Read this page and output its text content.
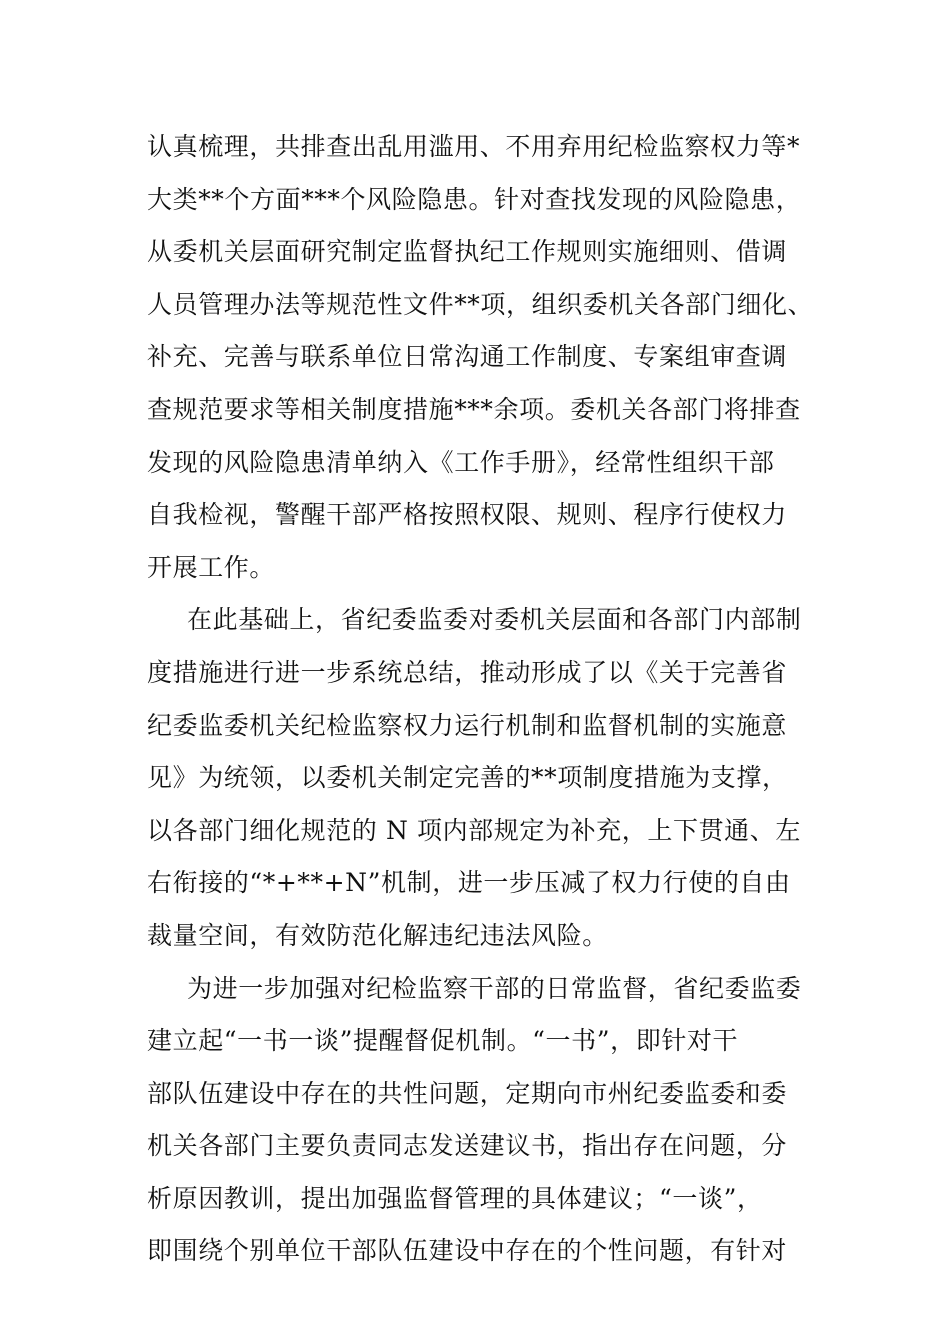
认真梳理，共排查出乱用滥用、不用弃用纪检监察权力等*
大类**个方面***个风险隐患。针对查找发现的风险隐患，
从委机关层面研究制定监督执纪工作规则实施细则、借调
人员管理办法等规范性文件**项，组织委机关各部门细化、
补充、完善与联系单位日常沟通工作制度、专案组审查调
查规范要求等相关制度措施***余项。委机关各部门将排查
发现的风险隐患清单纳入《工作手册》，经常性组织干部
自我检视，警醒干部严格按照权限、规则、程序行使权力
开展工作。
在此基础上，省纪委监委对委机关层面和各部门内部制
度措施进行进一步系统总结，推动形成了以《关于完善省
纪委监委机关纪检监察权力运行机制和监督机制的实施意
见》为统领，以委机关制定完善的**项制度措施为支撑，
以各部门细化规范的 N 项内部规定为补充，上下贯通、左
右衔接的“*+**+N”机制，进一步压减了权力行使的自由
裁量空间，有效防范化解违纪违法风险。
为进一步加强对纪检监察干部的日常监督，省纪委监委
建立起“一书一谈”提醒督促机制。“一书”，即针对干
部队伍建设中存在的共性问题，定期向市州纪委监委和委
机关各部门主要负责同志发送建议书，指出存在问题，分
析原因教训，提出加强监督管理的具体建议；“一谈”，
即围绕个别单位干部队伍建设中存在的个性问题，有针对
